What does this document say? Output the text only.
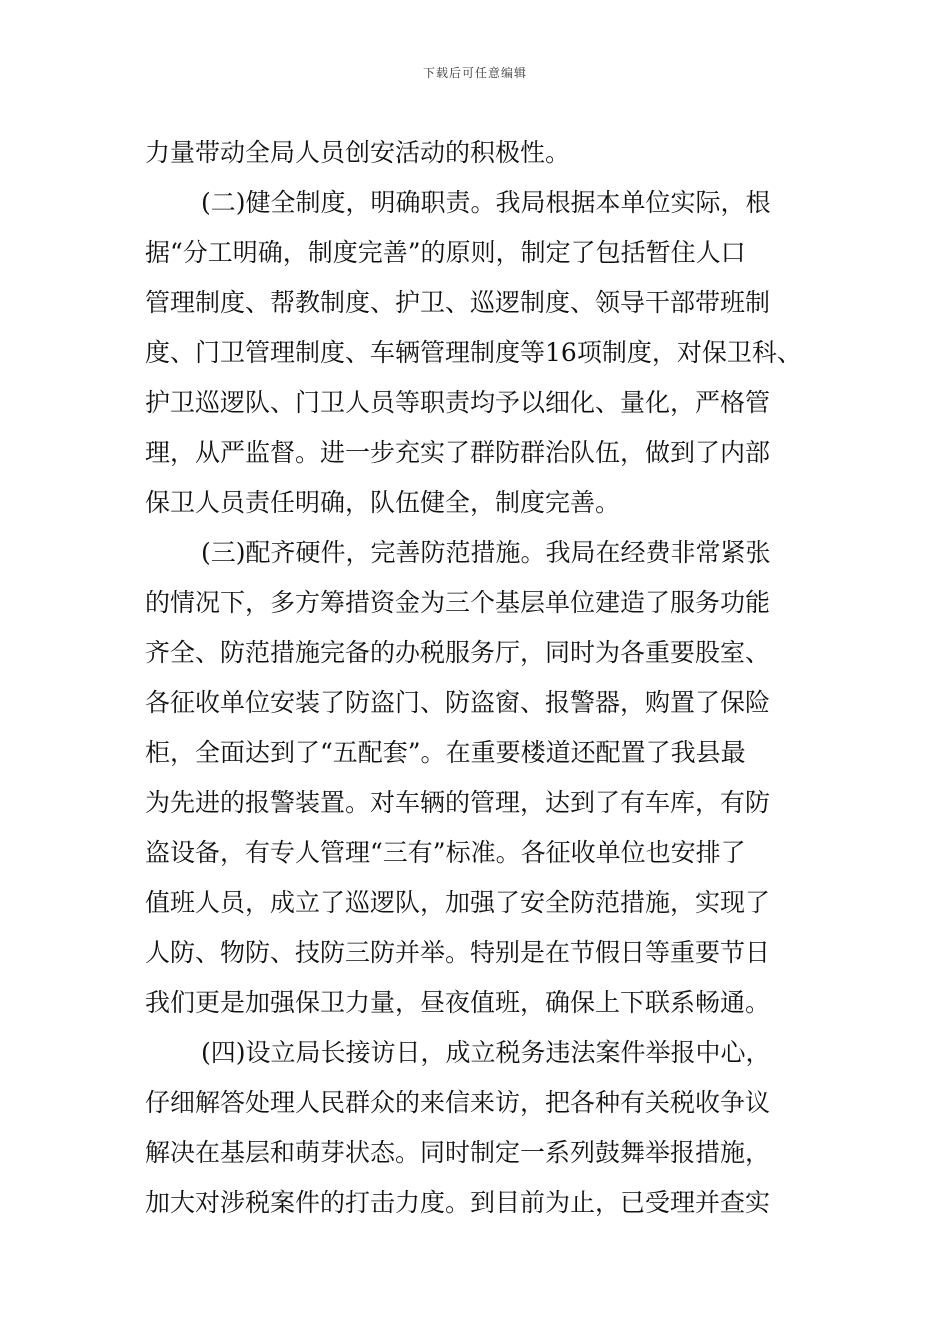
下载后可任意编辑
力量带动全局人员创安活动的积极性。
(二)健全制度，明确职责。我局根据本单位实际，根
据“分工明确，制度完善”的原则，制定了包括暂住人口
管理制度、帮教制度、护卫、巡逻制度、领导干部带班制
度、门卫管理制度、车辆管理制度等16项制度，对保卫科、
护卫巡逻队、门卫人员等职责均予以细化、量化，严格管
理，从严监督。进一步充实了群防群治队伍，做到了内部
保卫人员责任明确，队伍健全，制度完善。
(三)配齐硬件，完善防范措施。我局在经费非常紧张
的情况下，多方筹措资金为三个基层单位建造了服务功能
齐全、防范措施完备的办税服务厅，同时为各重要股室、
各征收单位安装了防盗门、防盗窗、报警器，购置了保险
柜，全面达到了“五配套”。在重要楼道还配置了我县最
为先进的报警装置。对车辆的管理，达到了有车库，有防
盗设备，有专人管理“三有”标准。各征收单位也安排了
值班人员，成立了巡逻队，加强了安全防范措施，实现了
人防、物防、技防三防并举。特别是在节假日等重要节日
我们更是加强保卫力量，昼夜值班，确保上下联系畅通。
(四)设立局长接访日，成立税务违法案件举报中心，
仔细解答处理人民群众的来信来访，把各种有关税收争议
解决在基层和萌芽状态。同时制定一系列鼓舞举报措施，
加大对涉税案件的打击力度。到目前为止，已受理并查实
